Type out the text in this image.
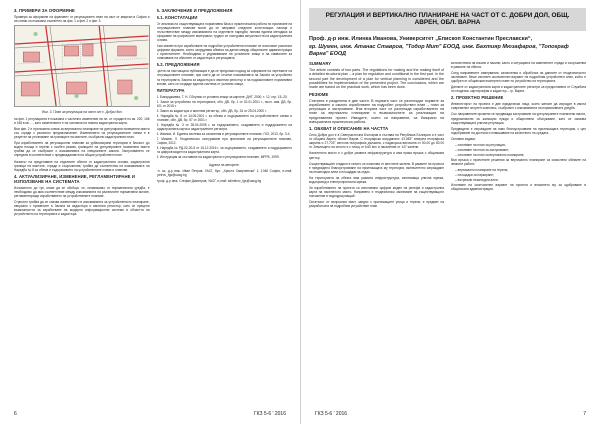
3. ПРИМЕРИ ЗА ОФОРМЯНЕ

Примери за оформяне на фрагмент от регулационен план на част от квартал в София и на схеми са показани съответно на фиг. 1 и фиг. 2 и фиг. 3.

Фиг. 3. План за регулация на част от с. Добри дол

на фиг. 1 регулацията е показана с частично изменение на пл. от сградите по кв. 220, 166 и 168 в кв. ..., като изменението е на основата на новата кадастрална карта.

Във фиг. 2 е приложена схема за вертикално планиране на урегулирани поземлени имоти със сгради с различно предназначение. Изменението на регулационните линии е в резултат на уточняване на границите на имотите, съобразно кадастралния план.

При изработването на регулационни планове за урбанизирани територии в близост до водни площи и терени с особен режим, границите на урегулираните поземлени имоти трябва да се съобразят с изискванията на специалните закони. Застрояването се определя в съответствие с предвижданията на общия устройствен план.

Начинът на представяне на отделните обекти от кадастралната основа, кадастрални граници на имотите, сгради и съоръжения, трябва да съответства на изискванията на Наредба № 8 за обема и съдържанието на устройствените схеми и планове.

4. АКТУАЛИЗИРАНЕ, ИЗМЕНЕНИЕ, РЕГЛАМЕНТИРАНЕ И ИЗПОЛЗВАНЕ НА СИСТЕМАТА

Изложеното до тук, може да се обобщи, че, независимо от нормативната уредба, е необходимо да има съответствие между изискванията на различните нормативни актове, регламентиращи изработването на устройствените планове.

Стриктно трябва да се спазва изменението в изискванията за устройственото планиране, свързано с промените в Закона за кадастъра и имотния регистър, като се прецени възможността за изработване на модерни информационни системи в областта на устройството на територията и кадастъра.

5. ЗАКЛЮЧЕНИЕ И ПРЕДЛОЖЕНИЯ
5.1. КОНСТАТАЦИИ

От анализа на съществуващата нормативна база и практическата работа по прилагане на регулационните планове могат да се направят следните констатации: налице е несъответствие между изискванията на отделните наредби; липсва единна методика за оформяне на графичните материали; трудно се осигурява актуалността на кадастралната основа.

Към момента при изработване на подробни устройствени планове се използват различни цифрови формати, което затруднява обмена на данни между общинските администрации и проектантите. Необходимо е уеднаквяване на условните знаци и на символите за означаване на обектите от кадастъра и регулацията.

5.2. ПРЕДЛОЖЕНИЯ

Целта на настоящата публикация е да се предложи подход за оформяне на чертежите на регулационните планове, при което да се отчитат изискванията на Закона за устройство на територията, Закона за кадастъра и имотния регистър и на подзаконовите нормативни актове, като се създаде единна система от условни знаци.

ЛИТЕРАТУРА

1. Бакърджиева, Т. Н. Сборник от условни знаци за картите, ДНТ, 2000, т. 12, стр. 15–20.

2. Закон за устройство на територията, обн. ДВ, бр. 1 от 02.01.2001 г., посл. изм. ДВ, бр. 101 от 2015 г.

3. Закон за кадастъра и имотния регистър, обн. ДВ, бр. 34 от 25.04.2000 г.

4. Наредба № 8 от 14.06.2001 г. за обема и съдържанието на устройствените схеми и планове, обн. ДВ, бр. 57 от 2001 г.

5. Наредба № 3 от 28.04.2005 г. за съдържанието, създаването и поддържането на кадастралната карта и кадастралните регистри.

6. Иванов, И. Единна система за означения в регулационните планове, ГКЗ, 2013, бр. 3-4.

7. Мишев, Л. Геодезическо осигуряване при прилагане на регулационните планове, София, 2012.

8. Наредба № РД-02-20-5 от 15.12.2016 г. за съдържанието, създаването и поддържането на цифров модел на кадастралната карта.

9. Инструкция за съставяне на кадастрални и регулационни планове, МРРБ, 1999.

Адреси на авторите:

гл. ас. д-р инж. Иван Петров, УАСГ, бул. „Христо Смирненски“ 1, 1046 София, e-mail: ipetrov_fgs@uacg.bg

проф. д-р инж. Стефан Димитров, УАСГ, e-mail: sdimitrov_fgs@uacg.bg

6	ГКЗ 5-6 ' 2016
РЕГУЛАЦИЯ И ВЕРТИКАЛНО ПЛАНИРАНЕ НА ЧАСТ ОТ С. ДОБРИ ДОЛ, ОБЩ. АВРЕН, ОБЛ. ВАРНА
Проф. д-р инж. Илинка Иванова, Университет „Епископ Константин Преславски“,
гр. Шумен, инж. Атанас Ставров, "Тодор Мит" ЕООД, инж. Бахтияр Мюзафаров, "Топограф Варна" ЕООД
SUMMARY

The article consists of two parts. The regulations for making and the making itself of a detailed structural plan – a plan for regulation and conditional in the first part. In the second part the development of a plan for vertical planning is considered and the possibilities for implementation of the presented project. The conclusions, which are made are based on the practical work, which has been done.

РЕЗЮМЕ

Статията е разделена в две части. В първата част се разглеждат нормите за изработване и самото изработване на подробен устройствен план – план за регулация и застрояване. Във втората част се разглежда изработването на план за вертикално планиране и възможностите за реализация на представения проект. Изводите, които са направени, са базирани на извършената практическа работа.

1. ОБХВАТ И ОПИСАНИЕ НА ЧАСТТА

Село Добри дол е в Североизточна България в състава на Република България и е част от община Аврен, област Варна. С географски координати: 43.083° северна географска ширина и 27.703° източна географска дължина, с надморска височина от 50.00 до 80.00 m. Землището на селото е с площ от 6.60 km² и население от 147 жители.

Населеното място е с добре развита инфраструктура и има пряка връзка с общинския център.

Съществуващият стадион в селото се използва от местните жители. В рамките на проекта е предвидено благоустрояване на прилежащата му територия, включително изграждане на пешеходни алеи и площадки за отдих.

На територията на обекта има развита инфраструктура, включваща улична мрежа, водопровод и електропреносна мрежа.

За изработването на проекта са използвани цифров модел на релефа и кадастрална карта на населеното място. Направено е геодезическо заснемане на съществуващото положение в подходящ мащаб.

Остатъкът от въпросния имот, заедно с прилежащите улици и терени, е предмет на разработката на подробния устройствен план.

количествата на изкопи и насипи, както и ситуацията на изменените сгради и съоръжения в рамките на обекта.

След направените измервания, изчисления и обработка на данните от геодезическото заснемане, беше изготвен окончателен вариант на подробния устройствен план, който е одобрен от общинския експертен съвет по устройство на територията.

Данните от кадастралната карта и кадастралните регистри са предоставени от Службата по геодезия, картография и кадастър – гр. Варна.

2. ПРОЕКТНО РЕШЕНИЕ

Инвеститорът на проекта е две юридически лица, които желаят да изградят в имота съвременен спортен комплекс, съобразен с изискванията на нормативната уредба.

Със направените промени се предвижда застрояване на урегулираните поземлени имоти, предназначени за жилищни нужди и обществено обслужване, като се запазва съществуващата улична регулация.

Предвидено е изграждане на ново благоустрояване на прилежащата територия, с цел подобряване на достъпа и повишаване на качеството на средата.

Основни задачи:

– изготвяне на план за регулация;

– изготвяне на план за застрояване;

– изготвяне на план за вертикално планиране;

Във връзка с проектните решения за вертикално планиране са изчислени обемите на земните работи:

– вертикално планиране на терена;

– площадки за паркиране;

– вътрешни пешеходни алеи.

Изготвяне на окончателен вариант на проекта и внасянето му за одобряване в общинската администрация.

ГКЗ 5-6 ' 2016	7
